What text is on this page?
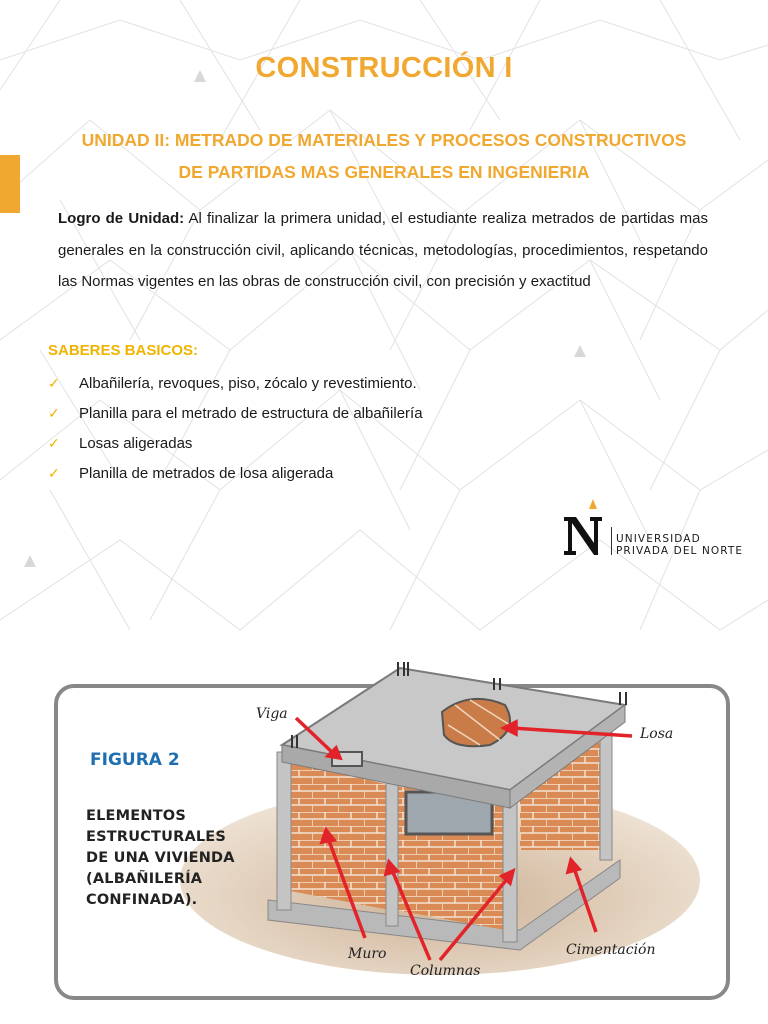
CONSTRUCCIÓN I
UNIDAD II: METRADO DE MATERIALES Y PROCESOS CONSTRUCTIVOS
DE PARTIDAS MAS GENERALES EN INGENIERIA
Logro de Unidad: Al finalizar la primera unidad, el estudiante realiza metrados de partidas mas generales en la construcción civil, aplicando técnicas, metodologías, procedimientos, respetando las Normas vigentes en las obras de construcción civil, con precisión y exactitud
SABERES BASICOS:
✓ Albañilería, revoques, piso, zócalo y revestimiento.
✓ Planilla para el metrado de estructura de albañilería
✓ Losas aligeradas
✓ Planilla de metrados de losa aligerada
UNIVERSIDAD
PRIVADA DEL NORTE
FIGURA 2
ELEMENTOS
ESTRUCTURALES
DE UNA VIVIENDA
(ALBAÑILERÍA
CONFINADA).
Viga
Losa
Muro
Columnas
Cimentación
